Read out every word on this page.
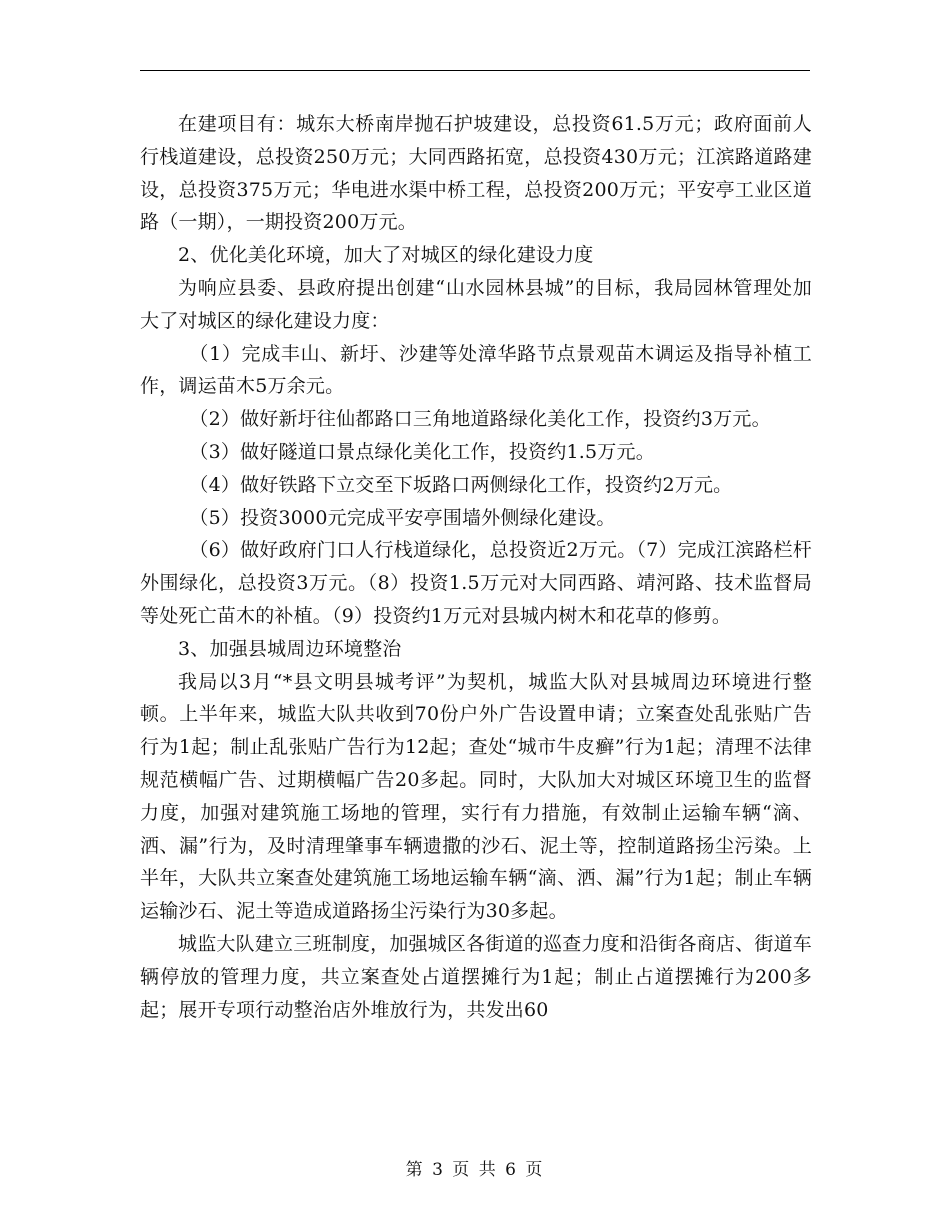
在建项目有：城东大桥南岸抛石护坡建设，总投资61.5万元；政府面前人行栈道建设，总投资250万元；大同西路拓宽，总投资430万元；江滨路道路建设，总投资375万元；华电进水渠中桥工程，总投资200万元；平安亭工业区道路（一期），一期投资200万元。

2、优化美化环境，加大了对城区的绿化建设力度

为响应县委、县政府提出创建“山水园林县城”的目标，我局园林管理处加大了对城区的绿化建设力度：

（1）完成丰山、新圩、沙建等处漳华路节点景观苗木调运及指导补植工作，调运苗木5万余元。

（2）做好新圩往仙都路口三角地道路绿化美化工作，投资约3万元。

（3）做好隧道口景点绿化美化工作，投资约1.5万元。

（4）做好铁路下立交至下坂路口两侧绿化工作，投资约2万元。

（5）投资3000元完成平安亭围墙外侧绿化建设。

（6）做好政府门口人行栈道绿化，总投资近2万元。（7）完成江滨路栏杆外围绿化，总投资3万元。（8）投资1.5万元对大同西路、靖河路、技术监督局等处死亡苗木的补植。（9）投资约1万元对县城内树木和花草的修剪。

3、加强县城周边环境整治

我局以3月“*县文明县城考评”为契机，城监大队对县城周边环境进行整顿。上半年来，城监大队共收到70份户外广告设置申请；立案查处乱张贴广告行为1起；制止乱张贴广告行为12起；查处“城市牛皮癣”行为1起；清理不法律规范横幅广告、过期横幅广告20多起。同时，大队加大对城区环境卫生的监督力度，加强对建筑施工场地的管理，实行有力措施，有效制止运输车辆“滴、洒、漏”行为，及时清理肇事车辆遗撒的沙石、泥土等，控制道路扬尘污染。上半年，大队共立案查处建筑施工场地运输车辆“滴、洒、漏”行为1起；制止车辆运输沙石、泥土等造成道路扬尘污染行为30多起。

城监大队建立三班制度，加强城区各街道的巡查力度和沿街各商店、街道车辆停放的管理力度，共立案查处占道摆摊行为1起；制止占道摆摊行为200多起；展开专项行动整治店外堆放行为，共发出60

第 3 页 共 6 页
